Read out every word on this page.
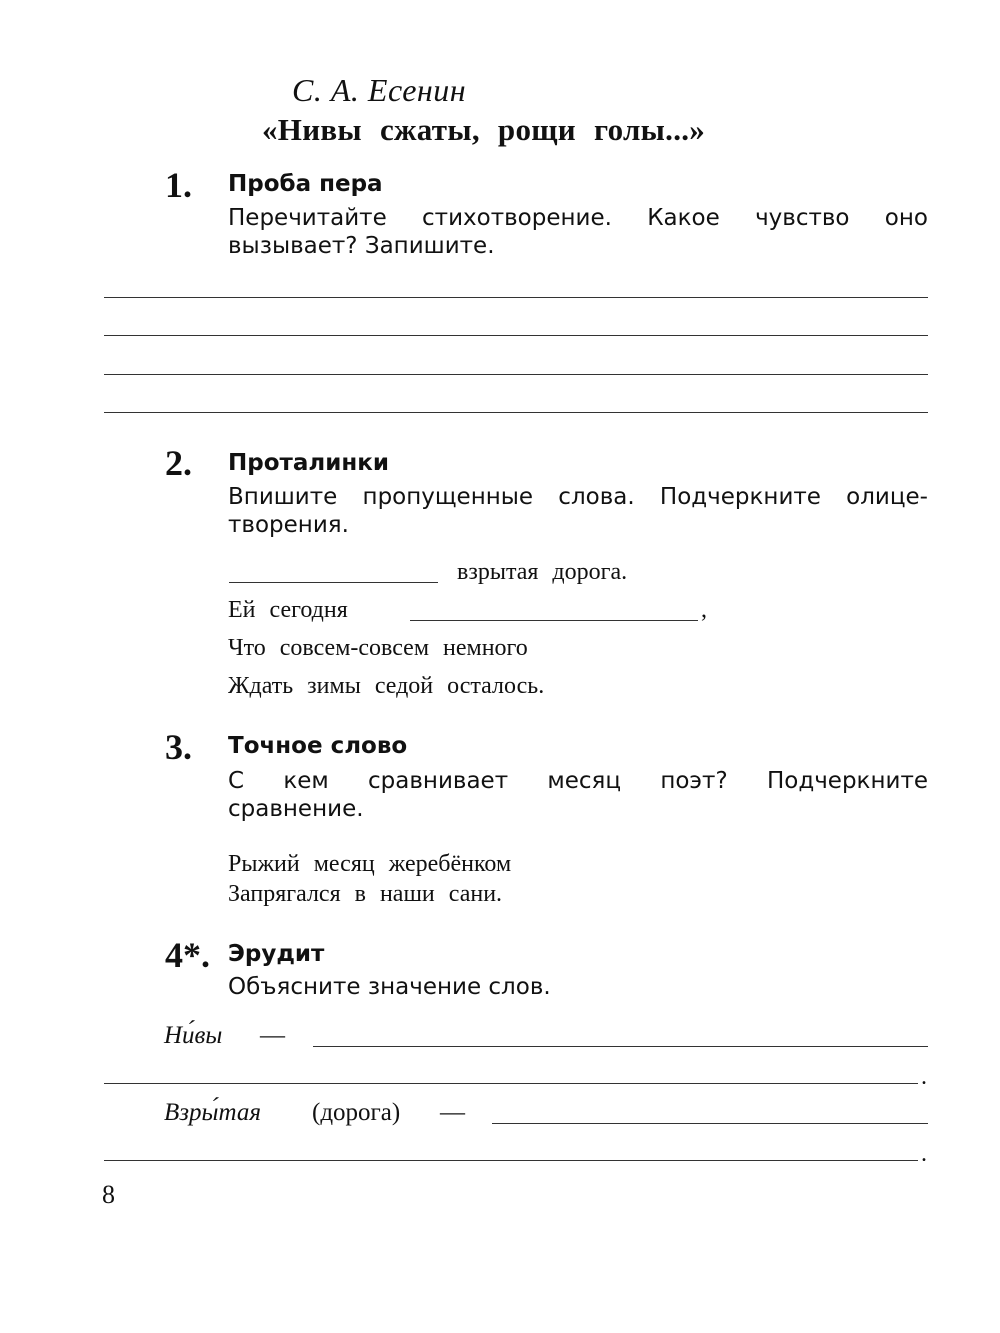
С. А. Есенин
«Нивы сжаты, рощи голы...»
1. Проба пера
Перечитайте стихотворение. Какое чувство оно
вызывает? Запишите.
2. Проталинки
Впишите пропущенные слова. Подчеркните олице-
творения.
взрытая дорога.
Ей сегодня	,
Что совсем-совсем немного
Ждать зимы седой осталось.
3. Точное слово
С кем сравнивает месяц поэт? Подчеркните
сравнение.
Рыжий месяц жеребёнком
Запрягался в наши сани.
4*. Эрудит
Объясните значение слов.
Ни́вы —
.
Взры́тая (дорога) —
.
8
